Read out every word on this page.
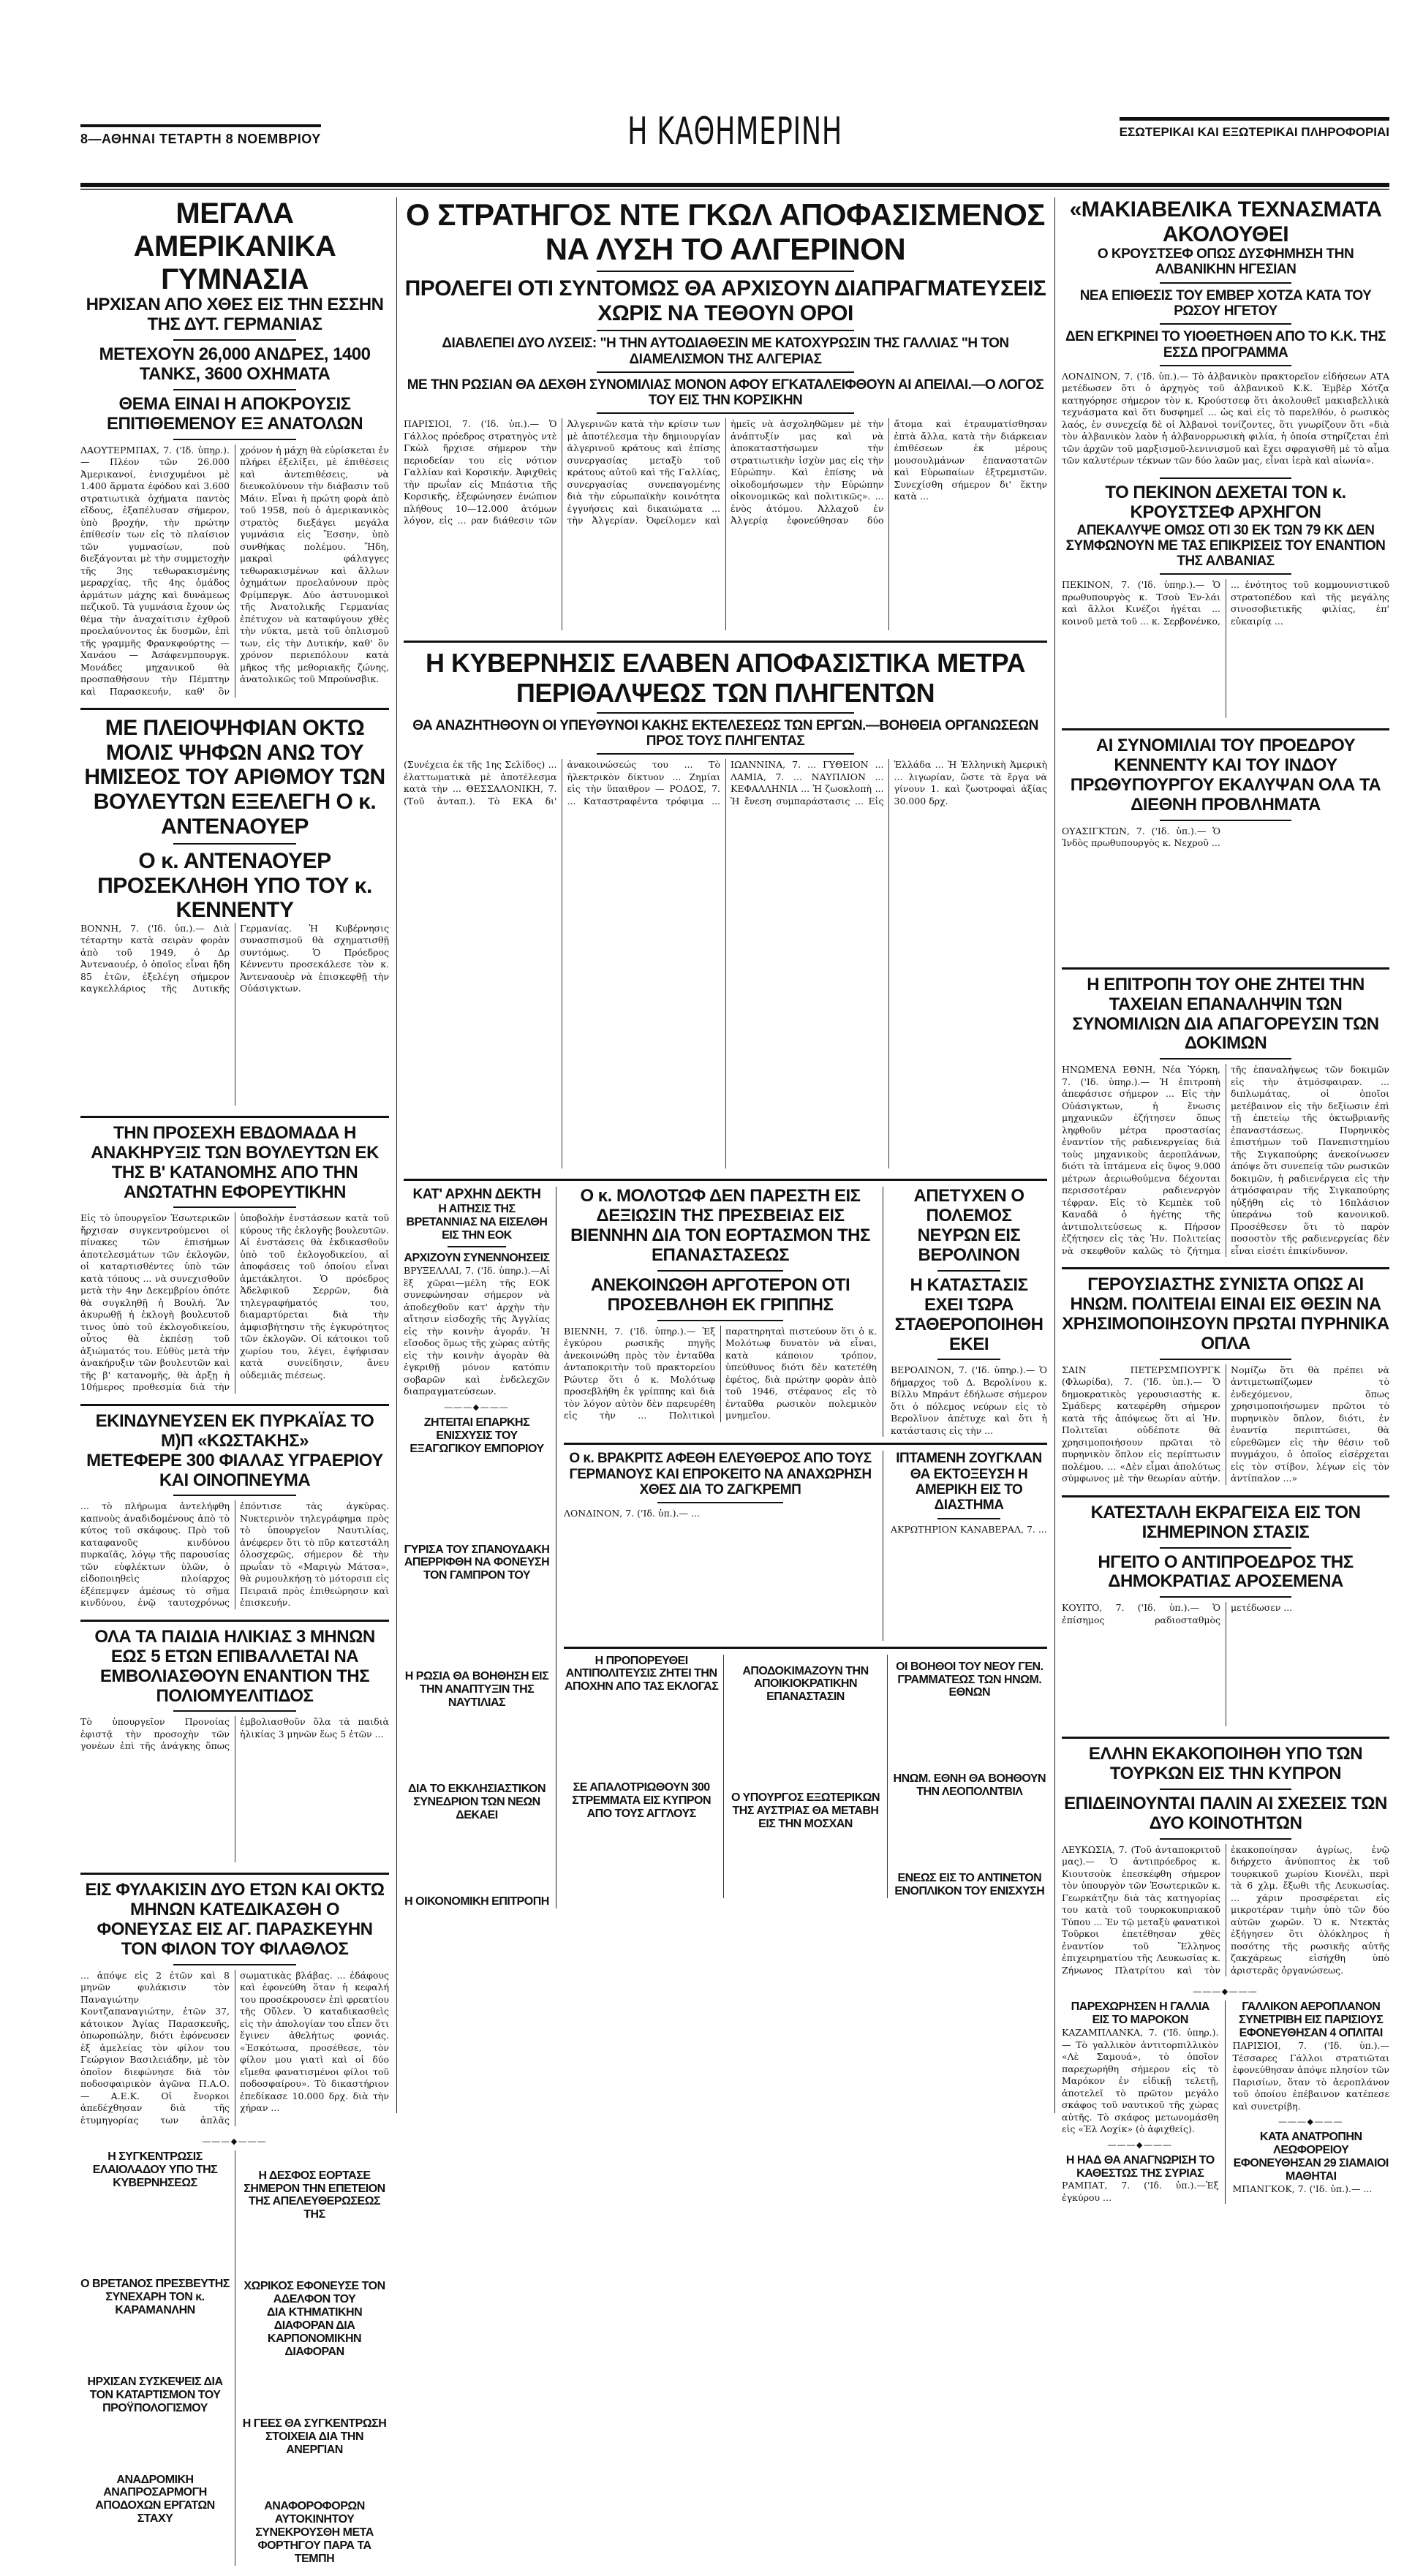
8—ΑΘΗΝΑΙ ΤΕΤΑΡΤΗ 8 ΝΟΕΜΒΡΙΟΥ	Η ΚΑΘΗΜΕΡΙΝΗ	ΕΣΩΤΕΡΙΚΑΙ ΚΑΙ ΕΞΩΤΕΡΙΚΑΙ ΠΛΗΡΟΦΟΡΙΑΙ
ΜΕΓΑΛΑ ΑΜΕΡΙΚΑΝΙΚΑ ΓΥΜΝΑΣΙΑ
ΗΡΧΙΣΑΝ ΑΠΟ ΧΘΕΣ ΕΙΣ ΤΗΝ ΕΣΣΗΝ ΤΗΣ ΔΥΤ. ΓΕΡΜΑΝΙΑΣ
ΜΕΤΕΧΟΥΝ 26,000 ΑΝΔΡΕΣ, 1400 ΤΑΝΚΣ, 3600 ΟΧΗΜΑΤΑ
ΘΕΜΑ ΕΙΝΑΙ Η ΑΠΟΚΡΟΥΣΙΣ ΕΠΙΤΙΘΕΜΕΝΟΥ ΕΞ ΑΝΑΤΟΛΩΝ
ΛΑΟΥΤΕΡΜΠΑΧ, 7. ('Ιδ. ὑπηρ.). — Πλέον τῶν 26.000 Ἀμερικανοί, ἐνισχυμένοι μὲ 1.400 ἅρματα ἐφόδου καὶ 3.600 στρατιωτικὰ ὀχήματα παντὸς εἴδους, ἐξαπέλυσαν σήμερον, ὑπὸ βροχήν, τὴν πρώτην ἐπίθεσίν των εἰς τὸ πλαίσιον τῶν γυμνασίων, ποὺ διεξάγονται μὲ τὴν συμμετοχὴν τῆς 3ης τεθωρακισμένης μεραρχίας, τῆς 4ης ὁμάδος ἁρμάτων μάχης καὶ δυνάμεως πεζικοῦ. Τὰ γυμνάσια ἔχουν ὡς θέμα τὴν ἀναχαίτισιν ἐχθροῦ προελαύνοντος ἐκ δυσμῶν, ἐπὶ τῆς γραμμῆς Φρανκφούρτης — Χανάου — Ἀσάφενμπουργκ. Μονάδες μηχανικοῦ θὰ προσπαθήσουν τὴν Πέμπτην καὶ Παρασκευήν, καθ' ὃν χρόνον ἡ μάχη θὰ εὑρίσκεται ἐν πλήρει ἐξελίξει, μὲ ἐπιθέσεις καὶ ἀντεπιθέσεις, νὰ διευκολύνουν τὴν διάβασιν τοῦ Μάιν. Εἶναι ἡ πρώτη φορὰ ἀπὸ τοῦ 1958, ποὺ ὁ ἀμερικανικὸς στρατὸς διεξάγει μεγάλα γυμνάσια εἰς Ἔσσην, ὑπὸ συνθήκας πολέμου. Ἤδη, μακραὶ φάλαγγες τεθωρακισμένων καὶ ἄλλων ὀχημάτων προελαύνουν πρὸς Φρίμπεργκ. Δύο ἀστυνομικοὶ τῆς Ἀνατολικῆς Γερμανίας ἐπέτυχον νὰ καταφύγουν χθὲς τὴν νύκτα, μετὰ τοῦ ὁπλισμοῦ των, εἰς τὴν Δυτικήν, καθ' ὃν χρόνον περιεπόλουν κατὰ μῆκος τῆς μεθοριακῆς ζώνης, ἀνατολικῶς τοῦ Μπρούνσβικ.
ΜΕ ΠΛΕΙΟΨΗΦΙΑΝ ΟΚΤΩ ΜΟΛΙΣ ΨΗΦΩΝ ΑΝΩ ΤΟΥ ΗΜΙΣΕΟΣ ΤΟΥ ΑΡΙΘΜΟΥ ΤΩΝ ΒΟΥΛΕΥΤΩΝ ΕΞΕΛΕΓΗ Ο κ. ΑΝΤΕΝΑΟΥΕΡ
Ο κ. ΑΝΤΕΝΑΟΥΕΡ ΠΡΟΣΕΚΛΗΘΗ ΥΠΟ ΤΟΥ κ. ΚΕΝΝΕΝΤΥ
ΒΟΝΝΗ, 7. ('Ιδ. ὑπ.).— Διὰ τέταρτην κατὰ σειρὰν φορὰν ἀπὸ τοῦ 1949, ὁ Δρ Ἀντεναουέρ, ὁ ὁποῖος εἶναι ἤδη 85 ἐτῶν, ἐξελέγη σήμερον καγκελλάριος τῆς Δυτικῆς Γερμανίας. Ἡ Κυβέρνησις συνασπισμοῦ θὰ σχηματισθῇ συντόμως. Ὁ Πρόεδρος Κέννεντυ προσεκάλεσε τὸν κ. Ἀντεναουὲρ νὰ ἐπισκεφθῇ τὴν Οὐάσιγκτων.
ΤΗΝ ΠΡΟΣΕΧΗ ΕΒΔΟΜΑΔΑ Η ΑΝΑΚΗΡΥΞΙΣ ΤΩΝ ΒΟΥΛΕΥΤΩΝ ΕΚ ΤΗΣ Β' ΚΑΤΑΝΟΜΗΣ ΑΠΟ ΤΗΝ ΑΝΩΤΑΤΗΝ ΕΦΟΡΕΥΤΙΚΗΝ
Εἰς τὸ ὑπουργεῖον Ἐσωτερικῶν ἤρχισαν συγκεντρούμενοι οἱ πίνακες τῶν ἐπισήμων ἀποτελεσμάτων τῶν ἐκλογῶν, οἱ καταρτισθέντες ὑπὸ τῶν κατὰ τόπους ... νὰ συνεχισθοῦν μετὰ τὴν 4ην Δεκεμβρίου ὁπότε θὰ συγκληθῇ ἡ Βουλή. Ἂν ἀκυρωθῇ ἡ ἐκλογὴ βουλευτοῦ τινος ὑπὸ τοῦ ἐκλογοδικείου, οὗτος θὰ ἐκπέσῃ τοῦ ἀξιώματός του. Εὐθὺς μετὰ τὴν ἀνακήρυξιν τῶν βουλευτῶν καὶ τῆς β' κατανομῆς, θὰ ἀρξῃ ἡ 10ήμερος προθεσμία διὰ τὴν ὑποβολὴν ἐνστάσεων κατὰ τοῦ κύρους τῆς ἐκλογῆς βουλευτῶν. Αἱ ἐνστάσεις θὰ ἐκδικασθοῦν ὑπὸ τοῦ ἐκλογοδικείου, αἱ ἀποφάσεις τοῦ ὁποίου εἶναι ἀμετάκλητοι. Ὁ πρόεδρος Ἀδελφικοῦ Σερρῶν, διὰ τηλεγραφήματός του, διαμαρτύρεται διὰ τὴν ἀμφισβήτησιν τῆς ἐγκυρότητος τῶν ἐκλογῶν. Οἱ κάτοικοι τοῦ χωρίου του, λέγει, ἐψήφισαν κατὰ συνείδησιν, ἄνευ οὐδεμιᾶς πιέσεως.
ΕΚΙΝΔΥΝΕΥΣΕΝ ΕΚ ΠΥΡΚΑΪΑΣ ΤΟ Μ)Π «ΚΩΣΤΑΚΗΣ»
ΜΕΤΕΦΕΡΕ 300 ΦΙΑΛΑΣ ΥΓΡΑΕΡΙΟΥ ΚΑΙ ΟΙΝΟΠΝΕΥΜΑ
... τὸ πλήρωμα ἀντελήφθη καπνοὺς ἀναδιδομένους ἀπὸ τὸ κύτος τοῦ σκάφους. Πρὸ τοῦ καταφανοῦς κινδύνου πυρκαϊᾶς, λόγῳ τῆς παρουσίας τῶν εὐφλέκτων ὑλῶν, ὁ εἰδοποιηθεὶς πλοίαρχος ἐξέπεμψεν ἀμέσως τὸ σῆμα κινδύνου, ἐνῷ ταυτοχρόνως ἐπόντισε τὰς ἀγκύρας. Νυκτερινὸν τηλεγράφημα πρὸς τὸ ὑπουργεῖον Ναυτιλίας, ἀνέφερεν ὅτι τὸ πῦρ κατεστάλη ὁλοσχερῶς, σήμερον δὲ τὴν πρωΐαν τὸ «Μαριγὼ Μάτσα», θὰ ρυμουλκήσῃ τὸ μότορσιπ εἰς Πειραιᾶ πρὸς ἐπιθεώρησιν καὶ ἐπισκευήν.
ΟΛΑ ΤΑ ΠΑΙΔΙΑ ΗΛΙΚΙΑΣ 3 ΜΗΝΩΝ ΕΩΣ 5 ΕΤΩΝ ΕΠΙΒΑΛΛΕΤΑΙ ΝΑ ΕΜΒΟΛΙΑΣΘΟΥΝ ΕΝΑΝΤΙΟΝ ΤΗΣ ΠΟΛΙΟΜΥΕΛΙΤΙΔΟΣ
Τὸ ὑπουργεῖον Προνοίας ἐφιστᾷ τὴν προσοχὴν τῶν γονέων ἐπὶ τῆς ἀνάγκης ὅπως ἐμβολιασθοῦν ὅλα τὰ παιδιὰ ἡλικίας 3 μηνῶν ἕως 5 ἐτῶν ...
ΕΙΣ ΦΥΛΑΚΙΣΙΝ ΔΥΟ ΕΤΩΝ ΚΑΙ ΟΚΤΩ ΜΗΝΩΝ ΚΑΤΕΔΙΚΑΣΘΗ Ο ΦΟΝΕΥΣΑΣ ΕΙΣ ΑΓ. ΠΑΡΑΣΚΕΥΗΝ ΤΟΝ ΦΙΛΟΝ ΤΟΥ ΦΙΛΑΘΛΟΣ
... ἀπόψε εἰς 2 ἐτῶν καὶ 8 μηνῶν φυλάκισιν τὸν Παναγιώτην Κοντζαπαναγιώτην, ἐτῶν 37, κάτοικον Ἁγίας Παρασκευῆς, ὀπωροπώλην, διότι ἐφόνευσεν ἐξ ἀμελείας τὸν φίλον του Γεώργιον Βασιλειάδην, μὲ τὸν ὁποῖον διεφώνησε διὰ τὸν ποδοσφαιρικὸν ἀγῶνα Π.Α.Ο. — Α.Ε.Κ. Οἱ ἔνορκοι ἀπεδέχθησαν διὰ τῆς ἐτυμηγορίας των ἁπλᾶς σωματικὰς βλάβας. ... ἐδάφους καὶ ἐφονεύθη ὅταν ἡ κεφαλή του προσέκρουσεν ἐπὶ φρεατίου τῆς Οὔλεν. Ὁ καταδικασθεὶς εἰς τὴν ἀπολογίαν του εἶπεν ὅτι ἔγινεν ἀθελήτως φονιάς. «Ἐσκότωσα, προσέθεσε, τὸν φίλον μου γιατὶ καὶ οἱ δύο εἴμεθα φανατισμένοι φίλοι τοῦ ποδοσφαίρου». Τὸ δικαστήριον ἐπεδίκασε 10.000 δρχ. διὰ τὴν χήραν ...
———◆———
Η ΣΥΓΚΕΝΤΡΩΣΙΣ ΕΛΑΙΟΛΑΔΟΥ ΥΠΟ ΤΗΣ ΚΥΒΕΡΝΗΣΕΩΣ
Ο ΒΡΕΤΑΝΟΣ ΠΡΕΣΒΕΥΤΗΣ ΣΥΝΕΧΑΡΗ ΤΟΝ κ. ΚΑΡΑΜΑΝΛΗΝ
ΗΡΧΙΣΑΝ ΣΥΣΚΕΨΕΙΣ ΔΙΑ ΤΟΝ ΚΑΤΑΡΤΙΣΜΟΝ ΤΟΥ ΠΡΟΫΠΟΛΟΓΙΣΜΟΥ
ΑΝΑΔΡΟΜΙΚΗ ΑΝΑΠΡΟΣΑΡΜΟΓΗ ΑΠΟΔΟΧΩΝ ΕΡΓΑΤΩΝ ΣΤΑΧΥ
Η ΔΕΣΦΟΣ ΕΟΡΤΑΣΕ ΣΗΜΕΡΟΝ ΤΗΝ ΕΠΕΤΕΙΟΝ ΤΗΣ ΑΠΕΛΕΥΘΕΡΩΣΕΩΣ ΤΗΣ
ΧΩΡΙΚΟΣ ΕΦΟΝΕΥΣΕ ΤΟΝ ΑΔΕΛΦΟΝ ΤΟΥ
ΔΙΑ ΚΤΗΜΑΤΙΚΗΝ ΔΙΑΦΟΡΑΝ ΔΙΑ ΚΑΡΠΟΝΟΜΙΚΗΝ ΔΙΑΦΟΡΑΝ
Η ΓΕΕΣ ΘΑ ΣΥΓΚΕΝΤΡΩΣΗ ΣΤΟΙΧΕΙΑ ΔΙΑ ΤΗΝ ΑΝΕΡΓΙΑΝ
ΑΝΑΦΟΡΟΦΟΡΩΝ ΑΥΤΟΚΙΝΗΤΟΥ ΣΥΝΕΚΡΟΥΣΘΗ ΜΕΤΑ ΦΟΡΤΗΓΟΥ ΠΑΡΑ ΤΑ ΤΕΜΠΗ
Ο ΣΤΡΑΤΗΓΟΣ ΝΤΕ ΓΚΩΛ ΑΠΟΦΑΣΙΣΜΕΝΟΣ ΝΑ ΛΥΣΗ ΤΟ ΑΛΓΕΡΙΝΟΝ
ΠΡΟΛΕΓΕΙ ΟΤΙ ΣΥΝΤΟΜΩΣ ΘΑ ΑΡΧΙΣΟΥΝ ΔΙΑΠΡΑΓΜΑΤΕΥΣΕΙΣ ΧΩΡΙΣ ΝΑ ΤΕΘΟΥΝ ΟΡΟΙ
ΔΙΑΒΛΕΠΕΙ ΔΥΟ ΛΥΣΕΙΣ: "Η ΤΗΝ ΑΥΤΟΔΙΑΘΕΣΙΝ ΜΕ ΚΑΤΟΧΥΡΩΣΙΝ ΤΗΣ ΓΑΛΛΙΑΣ "Η ΤΟΝ ΔΙΑΜΕΛΙΣΜΟΝ ΤΗΣ ΑΛΓΕΡΙΑΣ
ΜΕ ΤΗΝ ΡΩΣΙΑΝ ΘΑ ΔΕΧΘΗ ΣΥΝΟΜΙΛΙΑΣ ΜΟΝΟΝ ΑΦΟΥ ΕΓΚΑΤΑΛΕΙΦΘΟΥΝ ΑΙ ΑΠΕΙΛΑΙ.—Ο ΛΟΓΟΣ ΤΟΥ ΕΙΣ ΤΗΝ ΚΟΡΣΙΚΗΝ
ΠΑΡΙΣΙΟΙ, 7. ('Ιδ. ὑπ.).— Ὁ Γάλλος πρόεδρος στρατηγὸς ντὲ Γκὼλ ἤρχισε σήμερον τὴν περιοδείαν του εἰς νότιον Γαλλίαν καὶ Κορσικήν. Ἀφιχθεὶς τὴν πρωΐαν εἰς Μπάστια τῆς Κορσικῆς, ἐξεφώνησεν ἐνώπιον πλήθους 10—12.000 ἀτόμων λόγον, εἰς ... ραν διάθεσιν τῶν Ἀλγερινῶν κατὰ τὴν κρίσιν των μὲ ἀποτέλεσμα τὴν δημιουργίαν ἀλγερινοῦ κράτους καὶ ἐπίσης συνεργασίας μεταξὺ τοῦ κράτους αὐτοῦ καὶ τῆς Γαλλίας, συνεργασίας συνεπαγομένης διὰ τὴν εὐρωπαϊκὴν κοινότητα ἐγγυήσεις καὶ δικαιώματα ... τὴν Ἀλγερίαν. Ὀφείλομεν καὶ ἡμεῖς νὰ ἀσχοληθῶμεν μὲ τὴν ἀνάπτυξίν μας καὶ νὰ ἀποκαταστήσωμεν τὴν στρατιωτικὴν ἰσχὺν μας εἰς τὴν Εὐρώπην. Καὶ ἐπίσης νὰ οἰκοδομήσωμεν τὴν Εὐρώπην οἰκονομικῶς καὶ πολιτικῶς». ... ἑνὸς ἀτόμου. Ἀλλαχοῦ ἐν Ἀλγερίᾳ ἐφονεύθησαν δύο ἄτομα καὶ ἐτραυματίσθησαν ἑπτὰ ἄλλα, κατὰ τὴν διάρκειαν ἐπιθέσεων ἐκ μέρους μουσουλμάνων ἐπαναστατῶν καὶ Εὐρωπαίων ἐξτρεμιστῶν. Συνεχίσθη σήμερον δι' ἕκτην κατὰ ...
Η ΚΥΒΕΡΝΗΣΙΣ ΕΛΑΒΕΝ ΑΠΟΦΑΣΙΣΤΙΚΑ ΜΕΤΡΑ ΠΕΡΙΘΑΛΨΕΩΣ ΤΩΝ ΠΛΗΓΕΝΤΩΝ
ΘΑ ΑΝΑΖΗΤΗΘΟΥΝ ΟΙ ΥΠΕΥΘΥΝΟΙ ΚΑΚΗΣ ΕΚΤΕΛΕΣΕΩΣ ΤΩΝ ΕΡΓΩΝ.—ΒΟΗΘΕΙΑ ΟΡΓΑΝΩΣΕΩΝ ΠΡΟΣ ΤΟΥΣ ΠΛΗΓΕΝΤΑΣ
(Συνέχεια ἐκ τῆς 1ης Σελίδος) ... ἐλαττωματικὰ μὲ ἀποτέλεσμα κατὰ τὴν ... ΘΕΣΣΑΛΟΝΙΚΗ, 7. (Τοῦ ἀνταπ.). Τὸ ΕΚΑ δι' ἀνακοινώσεώς του ... Τὸ ἠλεκτρικὸν δίκτυον ... Ζημίαι εἰς τὴν ὕπαιθρον — ΡΟΔΟΣ, 7. ... Καταστραφέντα τρόφιμα ... ΙΩΑΝΝΙΝΑ, 7. ... ΓΥΘΕΙΟΝ ... ΛΑΜΙΑ, 7. ... ΝΑΥΠΛΙΟΝ ... ΚΕΦΑΛΛΗΝΙΑ ... Ἡ ζωοκλοπὴ ... Ἡ ἔνεση συμπαράστασις ... Εἰς Ἑλλάδα ... Ἡ Ἐλληνικὴ Ἀμερικὴ ... λιγωρίαν, ὥστε τὰ ἔργα νὰ γίνουν 1. καὶ ζωοτροφαὶ ἀξίας 30.000 δρχ.
ΚΑΤ' ΑΡΧΗΝ ΔΕΚΤΗ
Η ΑΙΤΗΣΙΣ ΤΗΣ ΒΡΕΤΑΝΝΙΑΣ ΝΑ ΕΙΣΕΛΘΗ ΕΙΣ ΤΗΝ ΕΟΚ
ΑΡΧΙΖΟΥΝ ΣΥΝΕΝΝΟΗΣΕΙΣ
ΒΡΥΞΕΛΛΑΙ, 7. ('Ιδ. ὑπηρ.).—Αἱ ἓξ χῶραι—μέλη τῆς ΕΟΚ συνεφώνησαν σήμερον νὰ ἀποδεχθοῦν κατ' ἀρχὴν τὴν αἴτησιν εἰσδοχῆς τῆς Ἀγγλίας εἰς τὴν κοινὴν ἀγοράν. Ἡ εἴσοδος ὅμως τῆς χώρας αὐτῆς εἰς τὴν κοινὴν ἀγορὰν θὰ ἐγκριθῇ μόνον κατόπιν σοβαρῶν καὶ ἐνδελεχῶν διαπραγματεύσεων.
———◆———
ΖΗΤΕΙΤΑΙ ΕΠΑΡΚΗΣ ΕΝΙΣΧΥΣΙΣ ΤΟΥ ΕΞΑΓΩΓΙΚΟΥ ΕΜΠΟΡΙΟΥ
ΓΥΡΙΣΑ ΤΟΥ ΣΠΑΝΟΥΔΑΚΗ ΑΠΕΡΡΙΦΘΗ ΝΑ ΦΟΝΕΥΣΗ ΤΟΝ ΓΑΜΠΡΟΝ ΤΟΥ
Η ΡΩΣΙΑ ΘΑ ΒΟΗΘΗΣΗ ΕΙΣ ΤΗΝ ΑΝΑΠΤΥΞΙΝ ΤΗΣ ΝΑΥΤΙΛΙΑΣ
ΔΙΑ ΤΟ ΕΚΚΛΗΣΙΑΣΤΙΚΟΝ ΣΥΝΕΔΡΙΟΝ ΤΩΝ ΝΕΩΝ ΔΕΚΑΕΙ
Η ΟΙΚΟΝΟΜΙΚΗ ΕΠΙΤΡΟΠΗ
Ο κ. ΜΟΛΟΤΩΦ ΔΕΝ ΠΑΡΕΣΤΗ ΕΙΣ ΔΕΞΙΩΣΙΝ ΤΗΣ ΠΡΕΣΒΕΙΑΣ ΕΙΣ ΒΙΕΝΝΗΝ ΔΙΑ ΤΟΝ ΕΟΡΤΑΣΜΟΝ ΤΗΣ ΕΠΑΝΑΣΤΑΣΕΩΣ
ΑΝΕΚΟΙΝΩΘΗ ΑΡΓΟΤΕΡΟΝ ΟΤΙ ΠΡΟΣΕΒΛΗΘΗ ΕΚ ΓΡΙΠΠΗΣ
ΒΙΕΝΝΗ, 7. ('Ιδ. ὑπηρ.).— Ἐξ ἐγκύρου ρωσικῆς πηγῆς ἀνεκοινώθη πρὸς τὸν ἐνταῦθα ἀνταποκριτὴν τοῦ πρακτορείου Ρώυτερ ὅτι ὁ κ. Μολότωφ προσεβλήθη ἐκ γρίππης καὶ διὰ τὸν λόγον αὐτὸν δὲν παρευρέθη εἰς τὴν ... Πολιτικοὶ παρατηρηταὶ πιστεύουν ὅτι ὁ κ. Μολότωφ δυνατὸν νὰ εἶναι, κατὰ κάποιον τρόπον, ὑπεύθυνος διότι δὲν κατετέθη ἐφέτος, διὰ πρώτην φορὰν ἀπὸ τοῦ 1946, στέφανος εἰς τὸ ἐνταῦθα ρωσικὸν πολεμικὸν μνημεῖον.
ΑΠΕΤΥΧΕΝ Ο ΠΟΛΕΜΟΣ ΝΕΥΡΩΝ ΕΙΣ ΒΕΡΟΛΙΝΟΝ
Η ΚΑΤΑΣΤΑΣΙΣ ΕΧΕΙ ΤΩΡΑ ΣΤΑΘΕΡΟΠΟΙΗΘΗ ΕΚΕΙ
ΒΕΡΟΛΙΝΟΝ, 7. ('Ιδ. ὑπηρ.).— Ὁ δήμαρχος τοῦ Δ. Βερολίνου κ. Βίλλυ Μπράντ ἐδήλωσε σήμερον ὅτι ὁ πόλεμος νεύρων εἰς τὸ Βερολῖνον ἀπέτυχε καὶ ὅτι ἡ κατάστασις εἰς τὴν ...
Ο κ. ΒΡΑΚΡΙΤΣ ΑΦΕΘΗ ΕΛΕΥΘΕΡΟΣ ΑΠΟ ΤΟΥΣ ΓΕΡΜΑΝΟΥΣ ΚΑΙ ΕΠΡΟΚΕΙΤΟ ΝΑ ΑΝΑΧΩΡΗΣΗ ΧΘΕΣ ΔΙΑ ΤΟ ΖΑΓΚΡΕΜΠ
ΛΟΝΔΙΝΟΝ, 7. ('Ιδ. ὑπ.).— ...
ΙΠΤΑΜΕΝΗ ΖΟΥΓΚΛΑΝ ΘΑ ΕΚΤΟΞΕΥΣΗ Η ΑΜΕΡΙΚΗ ΕΙΣ ΤΟ ΔΙΑΣΤΗΜΑ
ΑΚΡΩΤΗΡΙΟΝ ΚΑΝΑΒΕΡΑΛ, 7. ...
Η ΠΡΟΠΟΡΕΥΘΕΙ ΑΝΤΙΠΟΛΙΤΕΥΣΙΣ ΖΗΤΕΙ ΤΗΝ ΑΠΟΧΗΝ ΑΠΟ ΤΑΣ ΕΚΛΟΓΑΣ
ΣΕ ΑΠΑΛΟΤΡΙΩΘΟΥΝ 300 ΣΤΡΕΜΜΑΤΑ ΕΙΣ ΚΥΠΡΟΝ ΑΠΟ ΤΟΥΣ ΑΓΓΛΟΥΣ
ΑΠΟΔΟΚΙΜΑΖΟΥΝ ΤΗΝ ΑΠΟΙΚΙΟΚΡΑΤΙΚΗΝ ΕΠΑΝΑΣΤΑΣΙΝ
Ο ΥΠΟΥΡΓΟΣ ΕΞΩΤΕΡΙΚΩΝ ΤΗΣ ΑΥΣΤΡΙΑΣ ΘΑ ΜΕΤΑΒΗ ΕΙΣ ΤΗΝ ΜΟΣΧΑΝ
ΟΙ ΒΟΗΘΟΙ ΤΟΥ ΝΕΟΥ ΓΕΝ. ΓΡΑΜΜΑΤΕΩΣ ΤΩΝ ΗΝΩΜ. ΕΘΝΩΝ
ΗΝΩΜ. ΕΘΝΗ ΘΑ ΒΟΗΘΟΥΝ ΤΗΝ ΛΕΟΠΟΛΝΤΒΙΛ
ΕΝΕΩΣ ΕΙΣ ΤΟ ΑΝΤΙΝΕΤΟΝ ΕΝΟΠΛΙΚΟΝ ΤΟΥ ΕΝΙΣΧΥΣΗ
«ΜΑΚΙΑΒΕΛΙΚΑ ΤΕΧΝΑΣΜΑΤΑ ΑΚΟΛΟΥΘΕΙ
Ο ΚΡΟΥΣΤΣΕΦ ΟΠΩΣ ΔΥΣΦΗΜΗΣΗ ΤΗΝ ΑΛΒΑΝΙΚΗΝ ΗΓΕΣΙΑΝ
ΝΕΑ ΕΠΙΘΕΣΙΣ ΤΟΥ ΕΜΒΕΡ ΧΟΤΖΑ ΚΑΤΑ ΤΟΥ ΡΩΣΟΥ ΗΓΕΤΟΥ
ΔΕΝ ΕΓΚΡΙΝΕΙ ΤΟ ΥΙΟΘΕΤΗΘΕΝ ΑΠΟ ΤΟ Κ.Κ. ΤΗΣ ΕΣΣΔ ΠΡΟΓΡΑΜΜΑ
ΛΟΝΔΙΝΟΝ, 7. ('Ιδ. ὑπ.).— Τὸ ἀλβανικὸν πρακτορεῖον εἰδήσεων ΑΤΑ μετέδωσεν ὅτι ὁ ἀρχηγὸς τοῦ ἀλβανικοῦ Κ.Κ. Ἐμβὲρ Χότζα κατηγόρησε σήμερον τὸν κ. Κρούστσεφ ὅτι ἀκολουθεῖ μακιαβελλικὰ τεχνάσματα καὶ ὅτι δυσφημεῖ ... ὡς καὶ εἰς τὸ παρελθόν, ὁ ρωσικὸς λαός, ἐν συνεχείᾳ δὲ οἱ Ἀλβανοὶ τονίζοντες, ὅτι γνωρίζουν ὅτι «διὰ τὸν ἀλβανικὸν λαὸν ἡ ἀλβανορρωσικὴ φιλία, ἡ ὁποία στηρίζεται ἐπὶ τῶν ἀρχῶν τοῦ μαρξισμοῦ-λενινισμοῦ καὶ ἔχει σφραγισθῆ μὲ τὸ αἷμα τῶν καλυτέρων τέκνων τῶν δύο λαῶν μας, εἶναι ἱερὰ καὶ αἰωνία».
ΤΟ ΠΕΚΙΝΟΝ ΔΕΧΕΤΑΙ ΤΟΝ κ. ΚΡΟΥΣΤΣΕΦ ΑΡΧΗΓΟΝ
ΑΠΕΚΑΛΥΨΕ ΟΜΩΣ ΟΤΙ 30 ΕΚ ΤΩΝ 79 ΚΚ ΔΕΝ ΣΥΜΦΩΝΟΥΝ ΜΕ ΤΑΣ ΕΠΙΚΡΙΣΕΙΣ ΤΟΥ ΕΝΑΝΤΙΟΝ ΤΗΣ ΑΛΒΑΝΙΑΣ
ΠΕΚΙΝΟΝ, 7. ('Ιδ. ὑπηρ.).— Ὁ πρωθυπουργὸς κ. Τσοὺ Ἐν-λάι καὶ ἄλλοι Κινέζοι ἡγέται ... κοινοῦ μετὰ τοῦ ... κ. Σερβονένκο, ... ἑνότητος τοῦ κομμουνιστικοῦ στρατοπέδου καὶ τῆς μεγάλης σινοσοβιετικῆς φιλίας, ἐπ' εὐκαιρίᾳ ...
ΑΙ ΣΥΝΟΜΙΛΙΑΙ ΤΟΥ ΠΡΟΕΔΡΟΥ ΚΕΝΝΕΝΤΥ ΚΑΙ ΤΟΥ ΙΝΔΟΥ ΠΡΩΘΥΠΟΥΡΓΟΥ ΕΚΑΛΥΨΑΝ ΟΛΑ ΤΑ ΔΙΕΘΝΗ ΠΡΟΒΛΗΜΑΤΑ
ΟΥΑΣΙΓΚΤΩΝ, 7. ('Ιδ. ὑπ.).— Ὁ Ἰνδὸς πρωθυπουργὸς κ. Νεχροῦ ...
Η ΕΠΙΤΡΟΠΗ ΤΟΥ ΟΗΕ ΖΗΤΕΙ ΤΗΝ ΤΑΧΕΙΑΝ ΕΠΑΝΑΛΗΨΙΝ ΤΩΝ ΣΥΝΟΜΙΛΙΩΝ ΔΙΑ ΑΠΑΓΟΡΕΥΣΙΝ ΤΩΝ ΔΟΚΙΜΩΝ
ΗΝΩΜΕΝΑ ΕΘΝΗ, Νέα Ὑόρκη, 7. ('Ιδ. ὑπηρ.).— Ἡ ἐπιτροπὴ ἀπεφάσισε σήμερον ... Εἰς τὴν Οὐάσιγκτων, ἡ ἕνωσις μηχανικῶν ἐζήτησεν ὅπως ληφθοῦν μέτρα προστασίας ἐναντίον τῆς ραδιενεργείας διὰ τοὺς μηχανικοὺς ἀεροπλάνων, διότι τὰ ἱπτάμενα εἰς ὕψος 9.000 μέτρων ἀεριωθούμενα δέχονται περισσοτέραν ραδιενεργὸν τέφραν. Εἰς τὸ Κεμπὲκ τοῦ Καναδᾶ ὁ ἡγέτης τῆς ἀντιπολιτεύσεως κ. Πήρσον ἐζήτησεν εἰς τὰς Ἡν. Πολιτείας νὰ σκεφθοῦν καλῶς τὸ ζήτημα τῆς ἐπαναλήψεως τῶν δοκιμῶν εἰς τὴν ἀτμόσφαιραν. ... διπλωμάτας, οἱ ὁποῖοι μετέβαινον εἰς τὴν δεξίωσιν ἐπὶ τῇ ἐπετείῳ τῆς ὀκτωβριανῆς ἐπαναστάσεως. Πυρηνικὸς ἐπιστήμων τοῦ Πανεπιστημίου τῆς Σιγκαπούρης ἀνεκοίνωσεν ἀπόψε ὅτι συνεπείᾳ τῶν ρωσικῶν δοκιμῶν, ἡ ραδιενέργεια εἰς τὴν ἀτμόσφαιραν τῆς Σιγκαπούρης ηὐξήθη εἰς τὸ 16πλάσιον ὑπεράνω τοῦ κανονικοῦ. Προσέθεσεν ὅτι τὸ παρὸν ποσοστὸν τῆς ραδιενεργείας δὲν εἶναι εἰσέτι ἐπικίνδυνον.
ΓΕΡΟΥΣΙΑΣΤΗΣ ΣΥΝΙΣΤΑ ΟΠΩΣ ΑΙ ΗΝΩΜ. ΠΟΛΙΤΕΙΑΙ ΕΙΝΑΙ ΕΙΣ ΘΕΣΙΝ ΝΑ ΧΡΗΣΙΜΟΠΟΙΗΣΟΥΝ ΠΡΩΤΑΙ ΠΥΡΗΝΙΚΑ ΟΠΛΑ
ΣΑΙΝ ΠΕΤΕΡΣΜΠΟΥΡΓΚ (Φλωρίδα), 7. ('Ιδ. ὑπ.).— Ὁ δημοκρατικὸς γερουσιαστὴς κ. Σμάδερς κατεφέρθη σήμερον κατὰ τῆς ἀπόψεως ὅτι αἱ Ἡν. Πολιτεῖαι οὐδέποτε θὰ χρησιμοποιήσουν πρῶται τὸ πυρηνικὸν ὅπλον εἰς περίπτωσιν πολέμου. ... «Δὲν εἶμαι ἀπολύτως σύμφωνος μὲ τὴν θεωρίαν αὐτήν. Νομίζω ὅτι θὰ πρέπει νὰ ἀντιμετωπίζωμεν τὸ ἐνδεχόμενον, ὅπως χρησιμοποιήσωμεν πρῶτοι τὸ πυρηνικὸν ὅπλον, διότι, ἐν ἐναντίᾳ περιπτώσει, θὰ εὑρεθῶμεν εἰς τὴν θέσιν τοῦ πυγμάχου, ὁ ὁποῖος εἰσέρχεται εἰς τὸν στίβον, λέγων εἰς τὸν ἀντίπαλον ...»
ΚΑΤΕΣΤΑΛΗ ΕΚΡΑΓΕΙΣΑ ΕΙΣ ΤΟΝ ΙΣΗΜΕΡΙΝΟΝ ΣΤΑΣΙΣ
ΗΓΕΙΤΟ Ο ΑΝΤΙΠΡΟΕΔΡΟΣ ΤΗΣ ΔΗΜΟΚΡΑΤΙΑΣ ΑΡΟΣΕΜΕΝΑ
ΚΟΥΙΤΟ, 7. ('Ιδ. ὑπ.).— Ὁ ἐπίσημος ραδιοσταθμὸς μετέδωσεν ...
ΕΛΛΗΝ ΕΚΑΚΟΠΟΙΗΘΗ ΥΠΟ ΤΩΝ ΤΟΥΡΚΩΝ ΕΙΣ ΤΗΝ ΚΥΠΡΟΝ
ΕΠΙΔΕΙΝΟΥΝΤΑΙ ΠΑΛΙΝ ΑΙ ΣΧΕΣΕΙΣ ΤΩΝ ΔΥΟ ΚΟΙΝΟΤΗΤΩΝ
ΛΕΥΚΩΣΙΑ, 7. (Τοῦ ἀνταποκριτοῦ μας).— Ὁ ἀντιπρόεδρος κ. Κιουτσοὺκ ἐπεσκέφθη σήμερον τὸν ὑπουργὸν τῶν Ἐσωτερικῶν κ. Γεωρκάτζην διὰ τὰς κατηγορίας του κατὰ τοῦ τουρκοκυπριακοῦ Τύπου ... Ἐν τῷ μεταξὺ φανατικοὶ Τοῦρκοι ἐπετέθησαν χθὲς ἐναντίον τοῦ Ἕλληνος ἐπιχειρηματίου τῆς Λευκωσίας κ. Ζήνωνος Πλατρίτου καὶ τὸν ἐκακοποίησαν ἀγρίως, ἐνῷ διήρχετο ἀνύποπτος ἐκ τοῦ τουρκικοῦ χωρίου Κιονέλι, περὶ τὰ 6 χλμ. ἔξωθι τῆς Λευκωσίας. ... χάριν προσφέρεται εἰς μικροτέραν τιμὴν ὑπὸ τῶν δύο αὐτῶν χωρῶν. Ὁ κ. Ντεκτὰς ἐξήγησεν ὅτι ὁλόκληρος ἡ ποσότης τῆς ρωσικῆς αὐτῆς ζακχάρεως εἰσήχθη ὑπὸ ἀριστερᾶς ὀργανώσεως.
———◆———
ΠΑΡΕΧΩΡΗΣΕΝ Η ΓΑΛΛΙΑ ΕΙΣ ΤΟ ΜΑΡΟΚΟΝ
ΚΑΖΑΜΠΛΑΝΚΑ, 7. ('Ιδ. ὑπηρ.). — Τὸ γαλλικὸν ἀντιτορπιλλικὸν «Λὲ Σαμουά», τὸ ὁποῖον παρεχωρήθη σήμερον εἰς τὸ Μαρόκον ἐν εἰδικῇ τελετῇ, ἀποτελεῖ τὸ πρῶτον μεγάλο σκάφος τοῦ ναυτικοῦ τῆς χώρας αὐτῆς. Τὸ σκάφος μετωνομάσθη εἰς «Ἐλ Λοχίκ» (ὁ ἀφιχθείς).
———◆———
Η ΗΑΔ ΘΑ ΑΝΑΓΝΩΡΙΣΗ ΤΟ ΚΑΘΕΣΤΩΣ ΤΗΣ ΣΥΡΙΑΣ
ΡΑΜΠΑΤ, 7. ('Ιδ. ὑπ.).—Ἐξ ἐγκύρου ...
ΓΑΛΛΙΚΟΝ ΑΕΡΟΠΛΑΝΟΝ ΣΥΝΕΤΡΙΒΗ ΕΙΣ ΠΑΡΙΣΙΟΥΣ
ΕΦΟΝΕΥΘΗΣΑΝ 4 ΟΠΛΙΤΑΙ
ΠΑΡΙΣΙΟΙ, 7. ('Ιδ. ὑπ.).—Τέσσαρες Γάλλοι στρατιῶται ἐφονεύθησαν ἀπόψε πλησίον τῶν Παρισίων, ὅταν τὸ ἀεροπλάνον τοῦ ὁποίου ἐπέβαινον κατέπεσε καὶ συνετρίβη.
———◆———
ΚΑΤΑ ΑΝΑΤΡΟΠΗΝ ΛΕΩΦΟΡΕΙΟΥ ΕΦΟΝΕΥΘΗΣΑΝ 29 ΣΙΑΜΑΙΟΙ ΜΑΘΗΤΑΙ
ΜΠΑΝΓΚΟΚ, 7. ('Ιδ. ὑπ.).— ...
